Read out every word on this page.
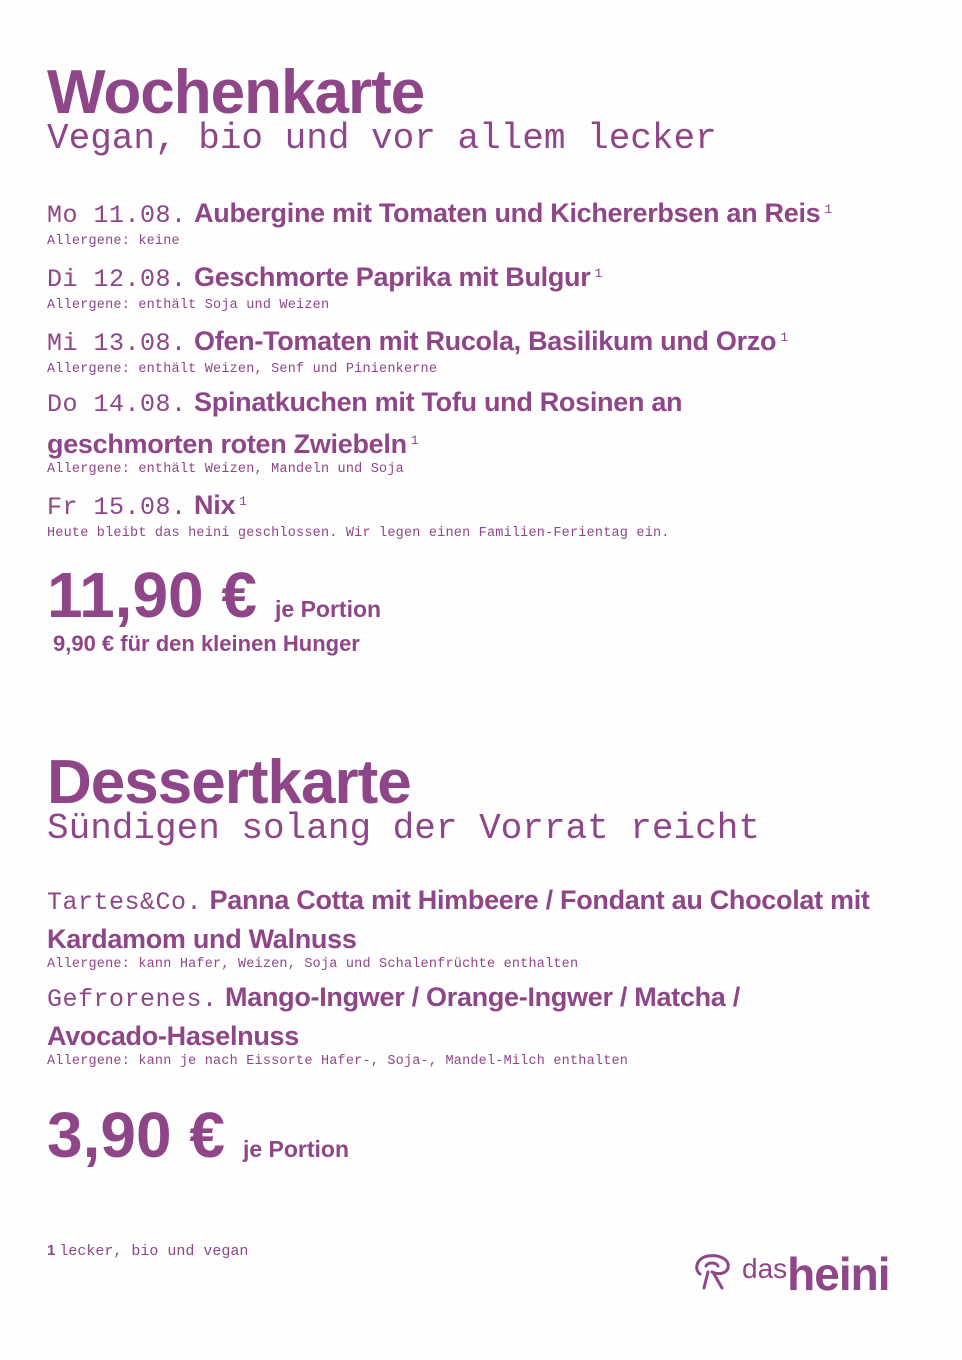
Wochenkarte

Vegan, bio und vor allem lecker

Mo 11.08. Aubergine mit Tomaten und Kichererbsen an Reis $^1$

Allergene: keine

Di 12.08. Geschmorte Paprika mit Bulgur $^1$

Allergene: enthält Soja und Weizen

Mi 13.08. Ofen-Tomaten mit Rucola, Basilikum und Orzo $^1$

Allergene: enthält Weizen, Senf und Pinienkerne

Do 14.08. Spinatkuchen mit Tofu und Rosinen an geschmorten roten Zwiebeln $^1$

Allergene: enthält Weizen, Mandeln und Soja

Fr 15.08. Nix $^1$

Heute bleibt das heini geschlossen. Wir legen einen Familien-Ferientag ein.

11,90 € je Portion
9,90 € für den kleinen Hunger
Dessertkarte

Sündigen solang der Vorrat reicht

Tartes&Co. Panna Cotta mit Himbeere / Fondant au Chocolat mit Kardamom und Walnuss

Allergene: kann Hafer, Weizen, Soja und Schalenfrüchte enthalten

Gefrorenes. Mango-Ingwer / Orange-Ingwer / Matcha / Avocado-Haselnuss

Allergene: kann je nach Eissorte Hafer-, Soja-, Mandel-Milch enthalten

3,90 € je Portion
1 lecker, bio und vegan
das heini
